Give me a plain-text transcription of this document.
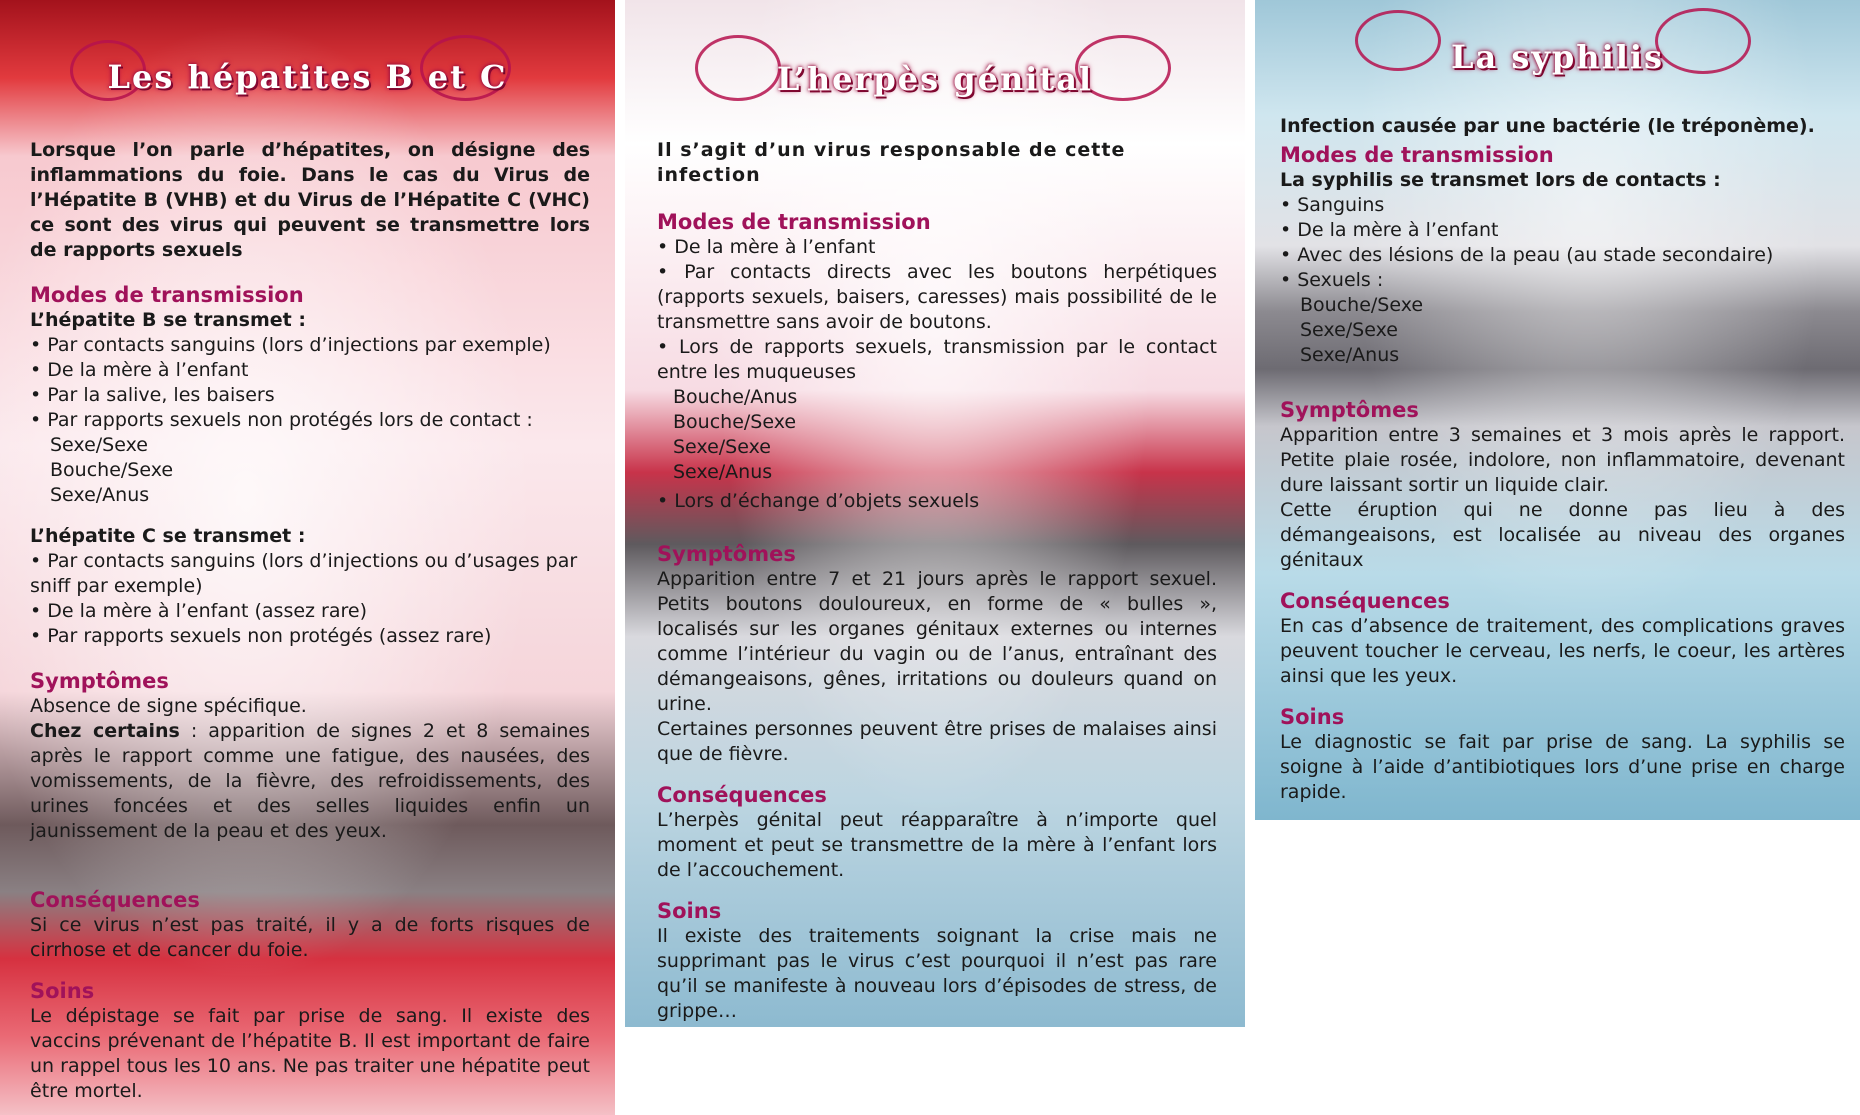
Les hépatites B et C

Lorsque l’on parle d’hépatites, on désigne des inflammations du foie. Dans le cas du Virus de l’Hépatite B (VHB) et du Virus de l’Hépatite C (VHC) ce sont des virus qui peuvent se transmettre lors de rapports sexuels

Modes de transmission

L’hépatite B se transmet :

• Par contacts sanguins (lors d’injections par exemple)

• De la mère à l’enfant

• Par la salive, les baisers

• Par rapports sexuels non protégés lors de contact :

Sexe/Sexe

Bouche/Sexe

Sexe/Anus

L’hépatite C se transmet :

• Par contacts sanguins (lors d’injections ou d’usages par sniff par exemple)

• De la mère à l’enfant (assez rare)

• Par rapports sexuels non protégés (assez rare)

Symptômes

Absence de signe spécifique.

Chez certains : apparition de signes 2 et 8 semaines après le rapport comme une fatigue, des nausées, des vomissements, de la fièvre, des refroidissements, des urines foncées et des selles liquides enfin un jaunissement de la peau et des yeux.

Conséquences

Si ce virus n’est pas traité, il y a de forts risques de cirrhose et de cancer du foie.

Soins

Le dépistage se fait par prise de sang. Il existe des vaccins prévenant de l’hépatite B. Il est important de faire un rappel tous les 10 ans. Ne pas traiter une hépatite peut être mortel.

L’herpès génital

Il s’agit d’un virus responsable de cette infection

Modes de transmission

• De la mère à l’enfant

• Par contacts directs avec les boutons herpétiques (rapports sexuels, baisers, caresses) mais possibilité de le transmettre sans avoir de boutons.

• Lors de rapports sexuels, transmission par le contact entre les muqueuses

Bouche/Anus

Bouche/Sexe

Sexe/Sexe

Sexe/Anus

• Lors d’échange d’objets sexuels

Symptômes

Apparition entre 7 et 21 jours après le rapport sexuel. Petits boutons douloureux, en forme de « bulles », localisés sur les organes génitaux externes ou internes comme l’intérieur du vagin ou de l’anus, entraînant des démangeaisons, gênes, irritations ou douleurs quand on urine.

Certaines personnes peuvent être prises de malaises ainsi que de fièvre.

Conséquences

L’herpès génital peut réapparaître à n’importe quel moment et peut se transmettre de la mère à l’enfant lors de l’accouchement.

Soins

Il existe des traitements soignant la crise mais ne supprimant pas le virus c’est pourquoi il n’est pas rare qu’il se manifeste à nouveau lors d’épisodes de stress, de grippe…

La syphilis

Infection causée par une bactérie (le tréponème).

Modes de transmission

La syphilis se transmet lors de contacts :

• Sanguins

• De la mère à l’enfant

• Avec des lésions de la peau (au stade secondaire)

• Sexuels :

Bouche/Sexe

Sexe/Sexe

Sexe/Anus

Symptômes

Apparition entre 3 semaines et 3 mois après le rapport. Petite plaie rosée, indolore, non inflammatoire, devenant dure laissant sortir un liquide clair.

Cette éruption qui ne donne pas lieu à des démangeaisons, est localisée au niveau des organes génitaux

Conséquences

En cas d’absence de traitement, des complications graves peuvent toucher le cerveau, les nerfs, le coeur, les artères ainsi que les yeux.

Soins

Le diagnostic se fait par prise de sang. La syphilis se soigne à l’aide d’antibiotiques lors d’une prise en charge rapide.
